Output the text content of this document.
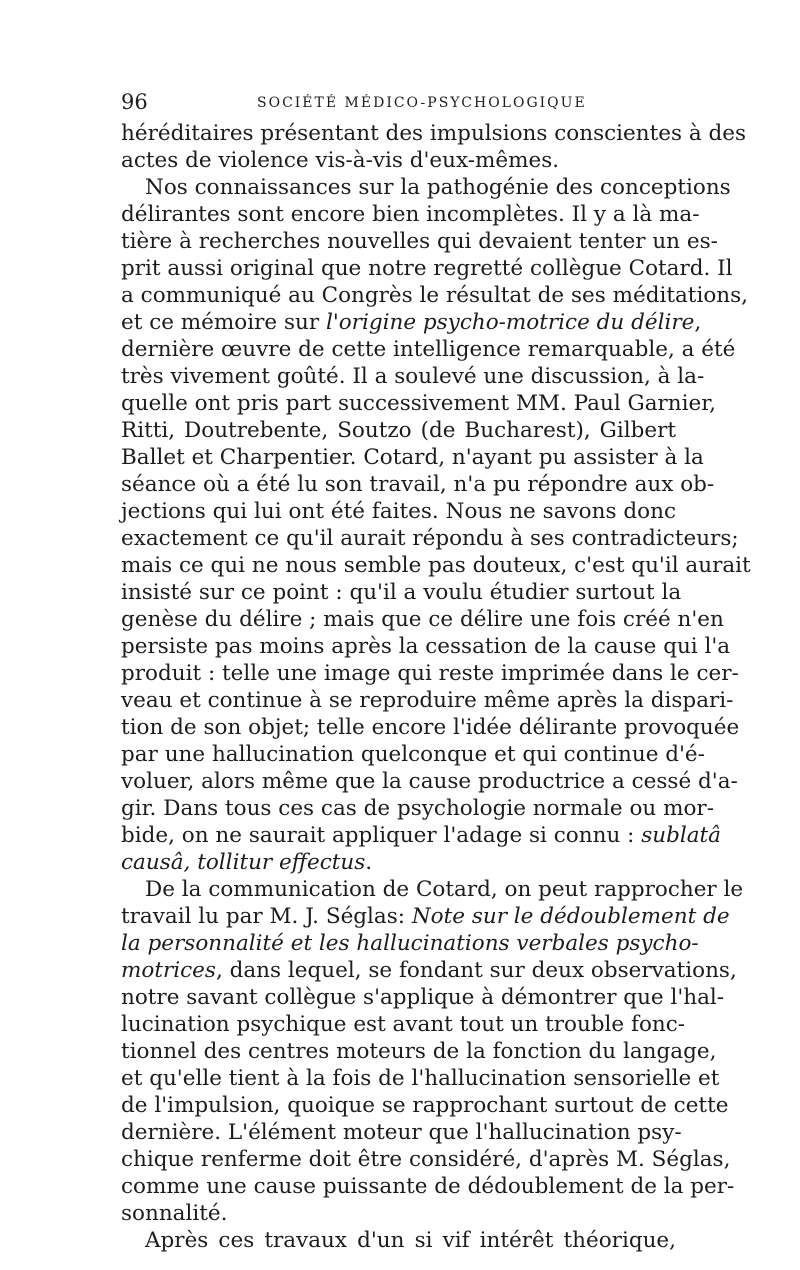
96	SOCIÉTÉ MÉDICO-PSYCHOLOGIQUE
héréditaires présentant des impulsions conscientes à des
actes de violence vis-à-vis d'eux-mêmes.
Nos connaissances sur la pathogénie des conceptions
délirantes sont encore bien incomplètes. Il y a là ma-
tière à recherches nouvelles qui devaient tenter un es-
prit aussi original que notre regretté collègue Cotard. Il
a communiqué au Congrès le résultat de ses méditations,
et ce mémoire sur l'origine psycho-motrice du délire,
dernière œuvre de cette intelligence remarquable, a été
très vivement goûté. Il a soulevé une discussion, à la-
quelle ont pris part successivement MM. Paul Garnier,
Ritti, Doutrebente, Soutzo (de Bucharest), Gilbert
Ballet et Charpentier. Cotard, n'ayant pu assister à la
séance où a été lu son travail, n'a pu répondre aux ob-
jections qui lui ont été faites. Nous ne savons donc
exactement ce qu'il aurait répondu à ses contradicteurs;
mais ce qui ne nous semble pas douteux, c'est qu'il aurait
insisté sur ce point : qu'il a voulu étudier surtout la
genèse du délire ; mais que ce délire une fois créé n'en
persiste pas moins après la cessation de la cause qui l'a
produit : telle une image qui reste imprimée dans le cer-
veau et continue à se reproduire même après la dispari-
tion de son objet; telle encore l'idée délirante provoquée
par une hallucination quelconque et qui continue d'é-
voluer, alors même que la cause productrice a cessé d'a-
gir. Dans tous ces cas de psychologie normale ou mor-
bide, on ne saurait appliquer l'adage si connu : sublatâ
causâ, tollitur effectus.
De la communication de Cotard, on peut rapprocher le
travail lu par M. J. Séglas: Note sur le dédoublement de
la personnalité et les hallucinations verbales psycho-
motrices, dans lequel, se fondant sur deux observations,
notre savant collègue s'applique à démontrer que l'hal-
lucination psychique est avant tout un trouble fonc-
tionnel des centres moteurs de la fonction du langage,
et qu'elle tient à la fois de l'hallucination sensorielle et
de l'impulsion, quoique se rapprochant surtout de cette
dernière. L'élément moteur que l'hallucination psy-
chique renferme doit être considéré, d'après M. Séglas,
comme une cause puissante de dédoublement de la per-
sonnalité.
Après ces travaux d'un si vif intérêt théorique,
